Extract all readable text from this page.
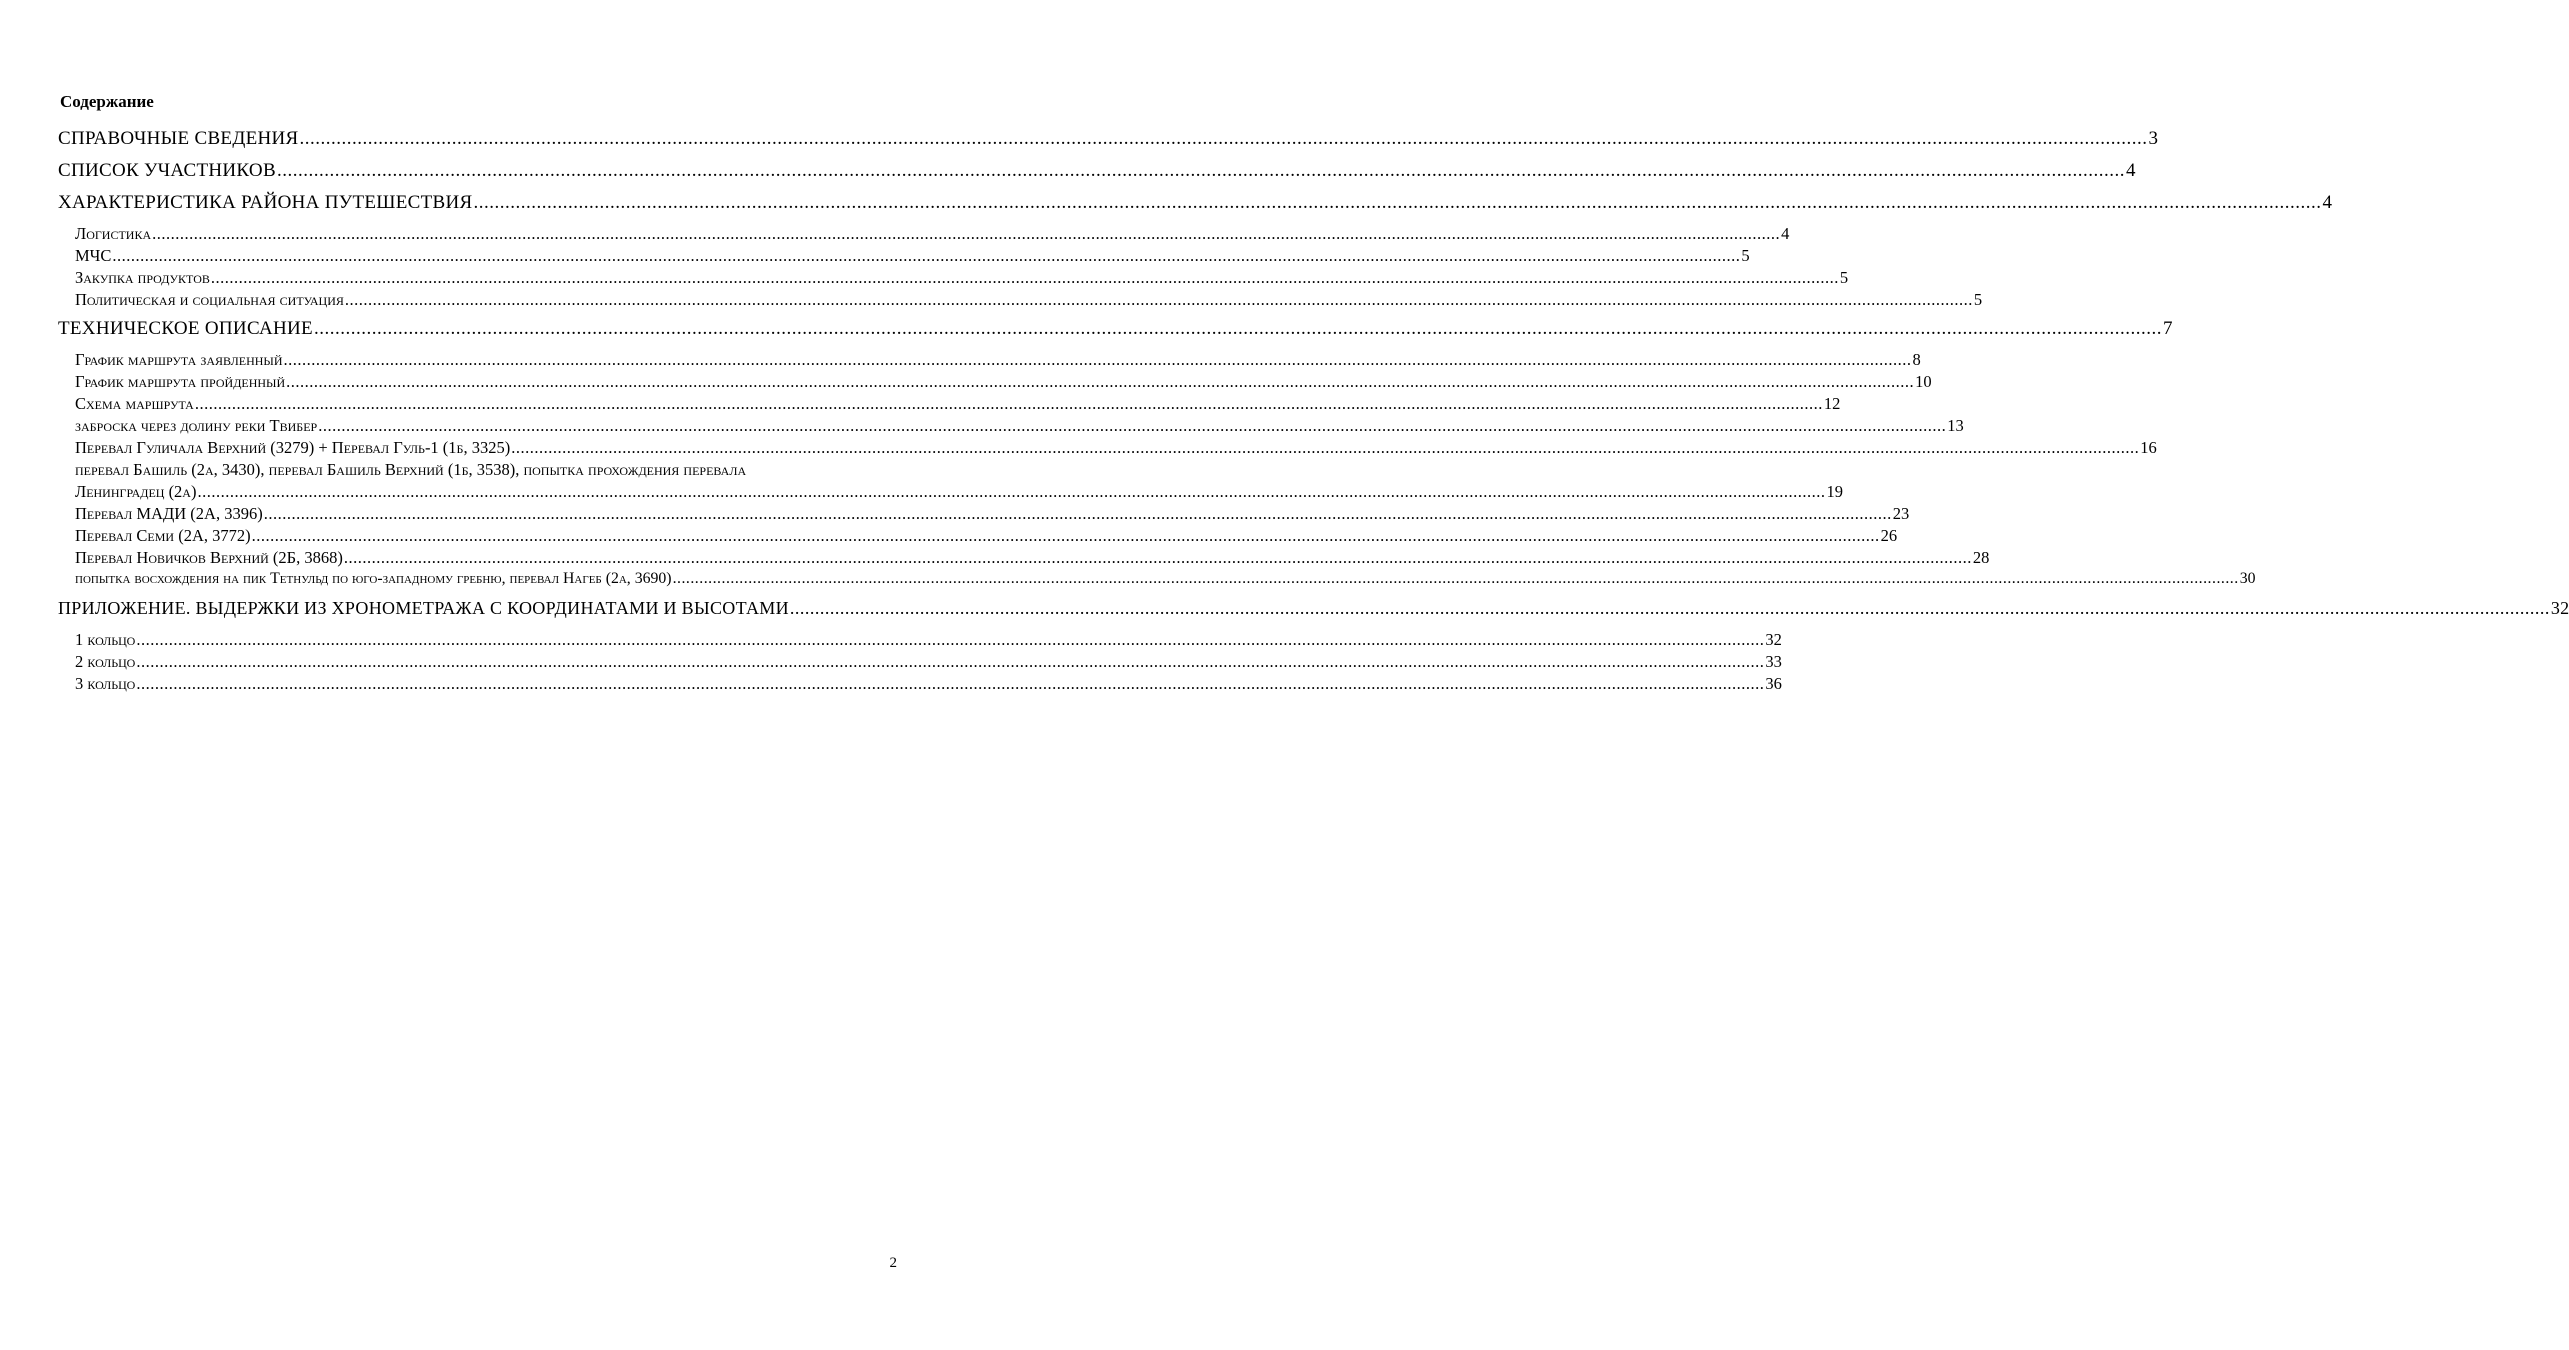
Содержание
СПРАВОЧНЫЕ СВЕДЕНИЯ .....	3
СПИСОК УЧАСТНИКОВ .....	4
ХАРАКТЕРИСТИКА РАЙОНА ПУТЕШЕСТВИЯ .....	4
Логистика .....	4
МЧС .....	5
Закупка продуктов .....	5
Политическая и социальная ситуация .....	5
ТЕХНИЧЕСКОЕ ОПИСАНИЕ .....	7
График маршрута заявленный .....	8
График маршрута пройденный .....	10
Схема маршрута .....	12
заброска через долину реки Твибер .....	13
Перевал Гуличала Верхний (3279) + Перевал Гуль-1 (1б, 3325) .....	16
перевал Башиль (2а, 3430), перевал Башиль Верхний (1б, 3538), попытка прохождения перевала
Ленинградец (2а) .....	19
Перевал МАДИ (2А, 3396) .....	23
Перевал Семи (2А, 3772) .....	26
Перевал Новичков Верхний (2Б, 3868) .....	28
попытка восхождения на пик Тетнульд по юго-западному гребню, перевал Нагеб (2а, 3690) .....	30
ПРИЛОЖЕНИЕ. ВЫДЕРЖКИ ИЗ ХРОНОМЕТРАЖА С КООРДИНАТАМИ И ВЫСОТАМИ .....	32
1 кольцо .....	32
2 кольцо .....	33
3 кольцо .....	36
2
